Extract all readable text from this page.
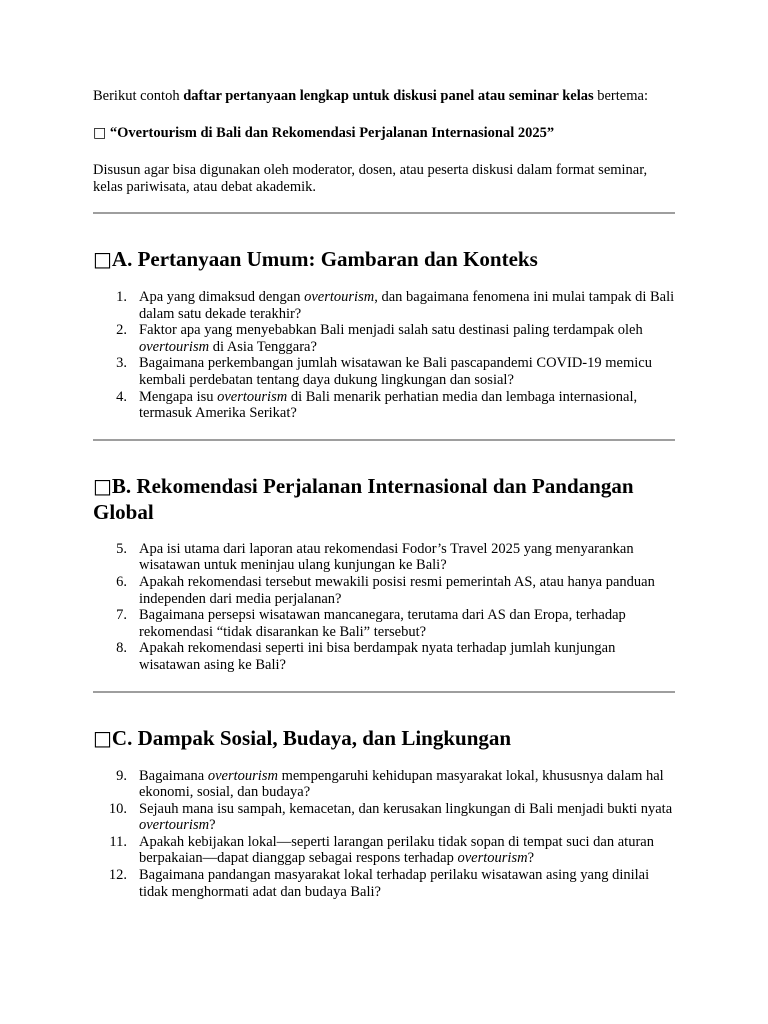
Berikut contoh daftar pertanyaan lengkap untuk diskusi panel atau seminar kelas bertema:

□ “Overtourism di Bali dan Rekomendasi Perjalanan Internasional 2025”

Disusun agar bisa digunakan oleh moderator, dosen, atau peserta diskusi dalam format seminar, kelas pariwisata, atau debat akademik.

□A. Pertanyaan Umum: Gambaran dan Konteks
1. Apa yang dimaksud dengan overtourism, dan bagaimana fenomena ini mulai tampak di Bali dalam satu dekade terakhir?
2. Faktor apa yang menyebabkan Bali menjadi salah satu destinasi paling terdampak oleh overtourism di Asia Tenggara?
3. Bagaimana perkembangan jumlah wisatawan ke Bali pascapandemi COVID-19 memicu kembali perdebatan tentang daya dukung lingkungan dan sosial?
4. Mengapa isu overtourism di Bali menarik perhatian media dan lembaga internasional, termasuk Amerika Serikat?
□B. Rekomendasi Perjalanan Internasional dan Pandangan Global
5. Apa isi utama dari laporan atau rekomendasi Fodor’s Travel 2025 yang menyarankan wisatawan untuk meninjau ulang kunjungan ke Bali?
6. Apakah rekomendasi tersebut mewakili posisi resmi pemerintah AS, atau hanya panduan independen dari media perjalanan?
7. Bagaimana persepsi wisatawan mancanegara, terutama dari AS dan Eropa, terhadap rekomendasi “tidak disarankan ke Bali” tersebut?
8. Apakah rekomendasi seperti ini bisa berdampak nyata terhadap jumlah kunjungan wisatawan asing ke Bali?
□C. Dampak Sosial, Budaya, dan Lingkungan
9. Bagaimana overtourism mempengaruhi kehidupan masyarakat lokal, khususnya dalam hal ekonomi, sosial, dan budaya?
10. Sejauh mana isu sampah, kemacetan, dan kerusakan lingkungan di Bali menjadi bukti nyata overtourism?
11. Apakah kebijakan lokal—seperti larangan perilaku tidak sopan di tempat suci dan aturan berpakaian—dapat dianggap sebagai respons terhadap overtourism?
12. Bagaimana pandangan masyarakat lokal terhadap perilaku wisatawan asing yang dinilai tidak menghormati adat dan budaya Bali?
